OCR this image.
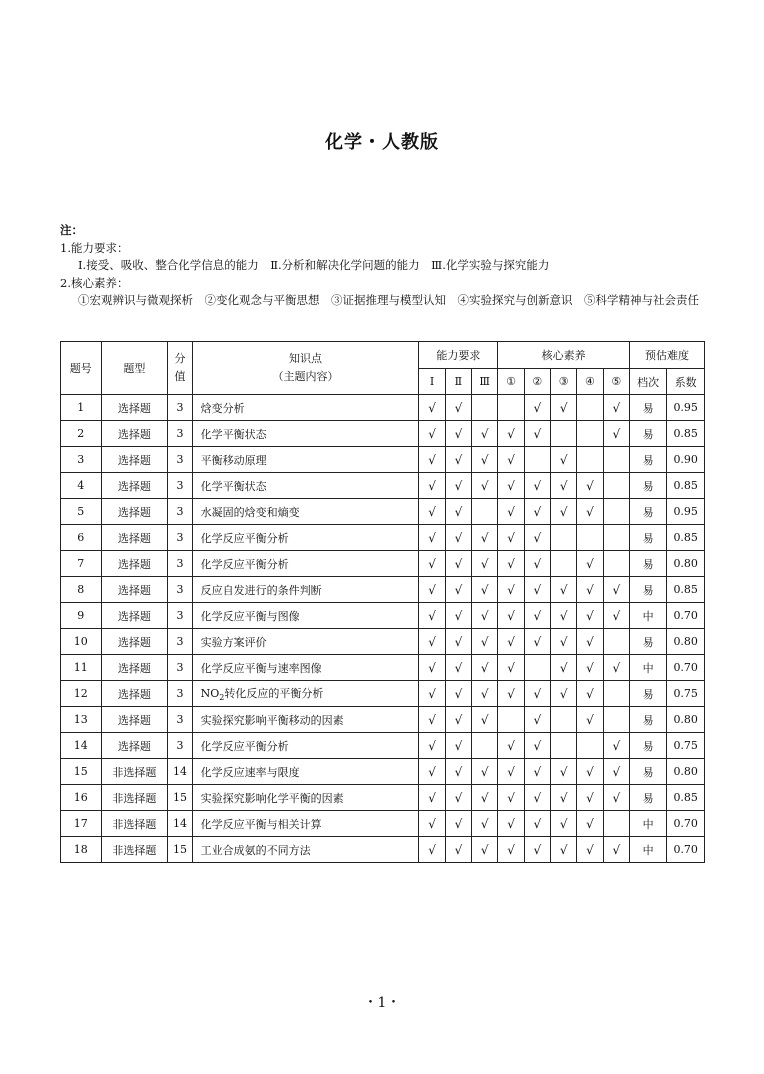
化学・人教版
注：
1.能力要求：
Ⅰ.接受、吸收、整合化学信息的能力　Ⅱ.分析和解决化学问题的能力　Ⅲ.化学实验与探究能力
2.核心素养：
①宏观辨识与微观探析　②变化观念与平衡思想　③证据推理与模型认知　④实验探究与创新意识　⑤科学精神与社会责任
题号	题型	分值	知识点
（主题内容）	能力要求			核心素养					预估难度	
				Ⅰ	Ⅱ	Ⅲ	①	②	③	④	⑤	档次	系数
1	选择题	3	焓变分析	√	√			√	√		√	易	0.95
2	选择题	3	化学平衡状态	√	√	√	√	√			√	易	0.85
3	选择题	3	平衡移动原理	√	√	√	√		√			易	0.90
4	选择题	3	化学平衡状态	√	√	√	√	√	√	√		易	0.85
5	选择题	3	水凝固的焓变和熵变	√	√		√	√	√	√		易	0.95
6	选择题	3	化学反应平衡分析	√	√	√	√	√				易	0.85
7	选择题	3	化学反应平衡分析	√	√	√	√	√		√		易	0.80
8	选择题	3	反应自发进行的条件判断	√	√	√	√	√	√	√	√	易	0.85
9	选择题	3	化学反应平衡与图像	√	√	√	√	√	√	√	√	中	0.70
10	选择题	3	实验方案评价	√	√	√	√	√	√	√		易	0.80
11	选择题	3	化学反应平衡与速率图像	√	√	√	√		√	√	√	中	0.70
12	选择题	3	$NO_2$转化反应的平衡分析	√	√	√	√	√	√	√		易	0.75
13	选择题	3	实验探究影响平衡移动的因素	√	√	√		√		√		易	0.80
14	选择题	3	化学反应平衡分析	√	√		√	√			√	易	0.75
15	非选择题	14	化学反应速率与限度	√	√	√	√	√	√	√	√	易	0.80
16	非选择题	15	实验探究影响化学平衡的因素	√	√	√	√	√	√	√	√	易	0.85
17	非选择题	14	化学反应平衡与相关计算	√	√	√	√	√	√	√		中	0.70
18	非选择题	15	工业合成氨的不同方法	√	√	√	√	√	√	√	√	中	0.70
・1・
